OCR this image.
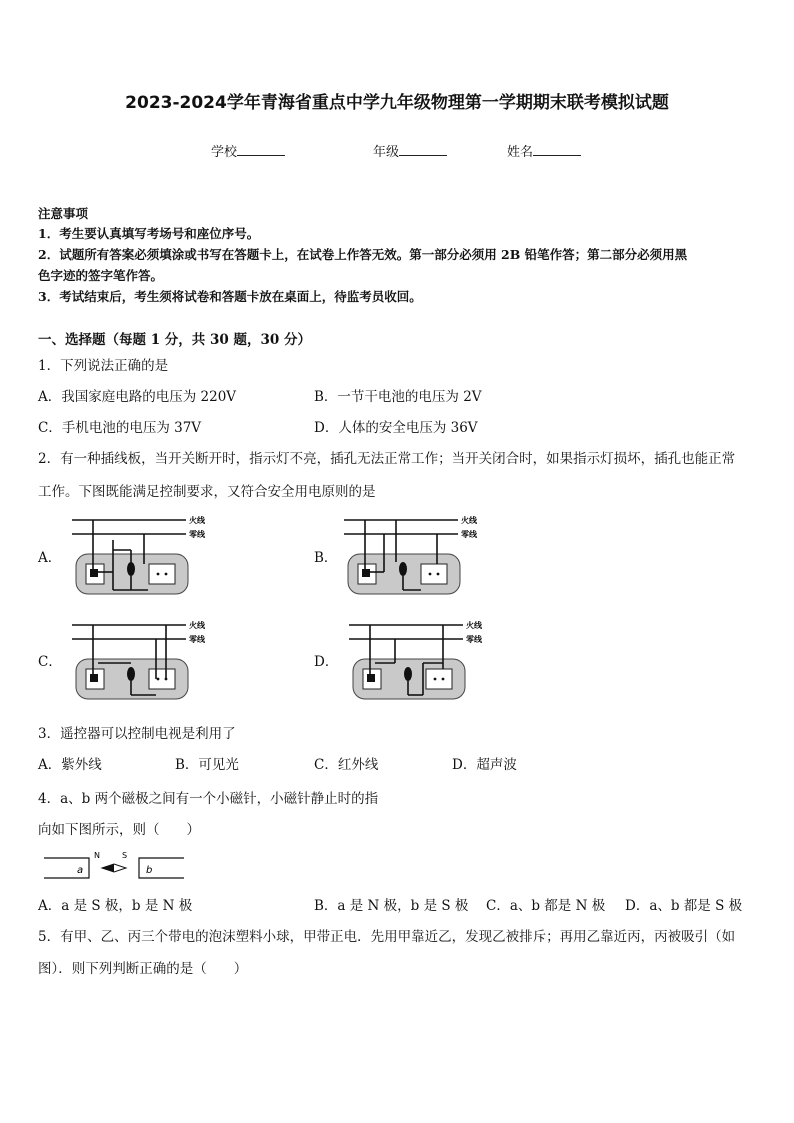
2023-2024学年青海省重点中学九年级物理第一学期期末联考模拟试题
学校	年级	姓名
注意事项
1．考生要认真填写考场号和座位序号。
2．试题所有答案必须填涂或书写在答题卡上，在试卷上作答无效。第一部分必须用 2B 铅笔作答；第二部分必须用黑
色字迹的签字笔作答。
3．考试结束后，考生须将试卷和答题卡放在桌面上，待监考员收回。
一、选择题（每题 1 分，共 30 题，30 分）
1．下列说法正确的是
A．我国家庭电路的电压为 220V	B．一节干电池的电压为 2V
C．手机电池的电压为 37V	D．人体的安全电压为 36V
2．有一种插线板，当开关断开时，指示灯不亮，插孔无法正常工作；当开关闭合时，如果指示灯损坏，插孔也能正常
工作。下图既能满足控制要求，又符合安全用电原则的是
A．	B．
C．	D．
火线
零线
火线
零线
火线
零线
火线
零线
3．遥控器可以控制电视是利用了
A．紫外线	B．可见光	C．红外线	D．超声波
4．a、b 两个磁极之间有一个小磁针，小磁针静止时的指
向如下图所示，则（　　）
a	b
N	S
A．a 是 S 极，b 是 N 极	B．a 是 N 极，b 是 S 极 C．a、b 都是 N 极 D．a、b 都是 S 极
5．有甲、乙、丙三个带电的泡沫塑料小球，甲带正电．先用甲靠近乙，发现乙被排斥；再用乙靠近丙，丙被吸引（如
图）．则下列判断正确的是（　　）
